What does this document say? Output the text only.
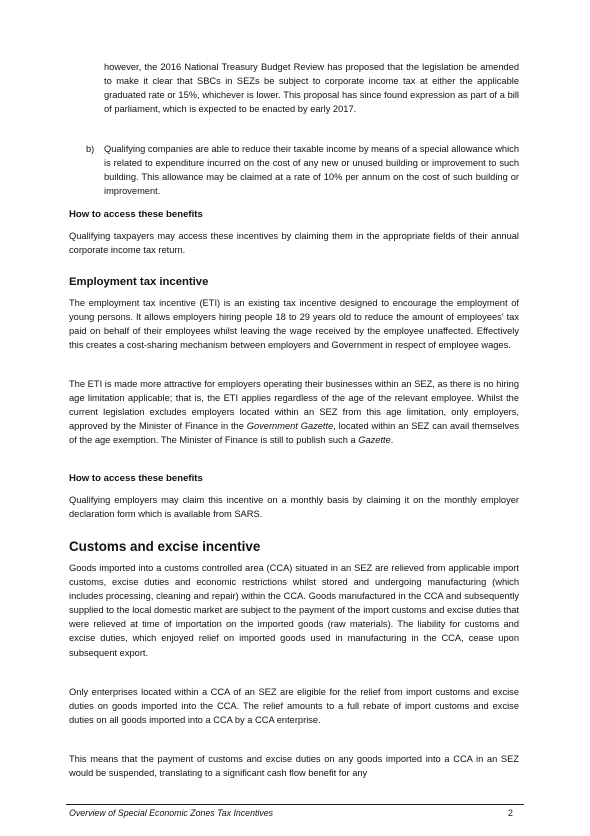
however, the 2016 National Treasury Budget Review has proposed that the legislation be amended to make it clear that SBCs in SEZs be subject to corporate income tax at either the applicable graduated rate or 15%, whichever is lower. This proposal has since found expression as part of a bill of parliament, which is expected to be enacted by early 2017.

b) Qualifying companies are able to reduce their taxable income by means of a special allowance which is related to expenditure incurred on the cost of any new or unused building or improvement to such building. This allowance may be claimed at a rate of 10% per annum on the cost of such building or improvement.

How to access these benefits

Qualifying taxpayers may access these incentives by claiming them in the appropriate fields of their annual corporate income tax return.

Employment tax incentive

The employment tax incentive (ETI) is an existing tax incentive designed to encourage the employment of young persons. It allows employers hiring people 18 to 29 years old to reduce the amount of employees' tax paid on behalf of their employees whilst leaving the wage received by the employee unaffected. Effectively this creates a cost-sharing mechanism between employers and Government in respect of employee wages.

The ETI is made more attractive for employers operating their businesses within an SEZ, as there is no hiring age limitation applicable; that is, the ETI applies regardless of the age of the relevant employee. Whilst the current legislation excludes employers located within an SEZ from this age limitation, only employers, approved by the Minister of Finance in the Government Gazette, located within an SEZ can avail themselves of the age exemption. The Minister of Finance is still to publish such a Gazette.

How to access these benefits

Qualifying employers may claim this incentive on a monthly basis by claiming it on the monthly employer declaration form which is available from SARS.

Customs and excise incentive

Goods imported into a customs controlled area (CCA) situated in an SEZ are relieved from applicable import customs, excise duties and economic restrictions whilst stored and undergoing manufacturing (which includes processing, cleaning and repair) within the CCA. Goods manufactured in the CCA and subsequently supplied to the local domestic market are subject to the payment of the import customs and excise duties that were relieved at time of importation on the imported goods (raw materials). The liability for customs and excise duties, which enjoyed relief on imported goods used in manufacturing in the CCA, cease upon subsequent export.

Only enterprises located within a CCA of an SEZ are eligible for the relief from import customs and excise duties on goods imported into the CCA. The relief amounts to a full rebate of import customs and excise duties on all goods imported into a CCA by a CCA enterprise.

This means that the payment of customs and excise duties on any goods imported into a CCA in an SEZ would be suspended, translating to a significant cash flow benefit for any

Overview of Special Economic Zones Tax Incentives	2
